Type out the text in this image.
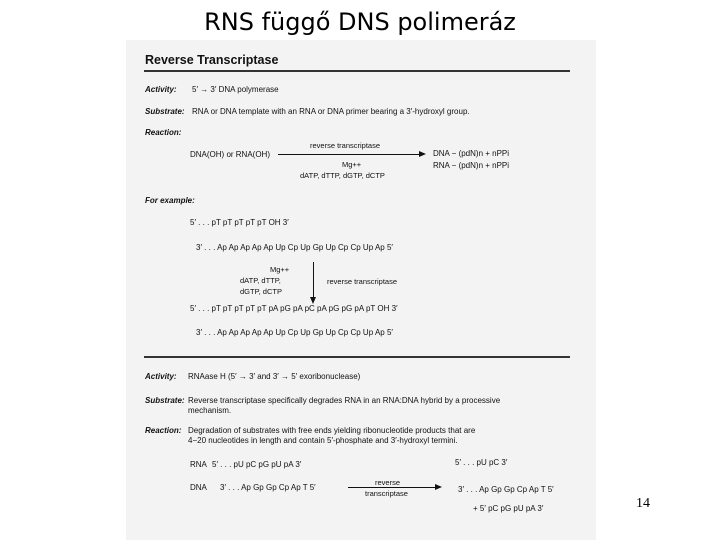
RNS függő DNS polimeráz
Reverse Transcriptase
Activity: 5′ → 3′ DNA polymerase
Substrate: RNA or DNA template with an RNA or DNA primer bearing a 3′-hydroxyl group.
Reaction:
DNA(OH) or RNA(OH)
reverse transcriptase
Mg++
dATP, dTTP, dGTP, dCTP
DNA − (pdN)n + nPPi
RNA − (pdN)n + nPPi
For example:
5′ . . . pT pT pT pT pT OH 3′
3′ . . . Ap Ap Ap Ap Ap Up Cp Up Gp Up Cp Cp Up Ap 5′
Mg++
dATP, dTTP,
dGTP, dCTP
reverse transcriptase
5′ . . . pT pT pT pT pT pA pG pA pC pA pG pG pA pT OH 3′
3′ . . . Ap Ap Ap Ap Ap Up Cp Up Gp Up Cp Cp Up Ap 5′
Activity: RNAase H (5′ → 3′ and 3′ → 5′ exoribonuclease)
Substrate: Reverse transcriptase specifically degrades RNA in an RNA:DNA hybrid by a processive
mechanism.
Reaction: Degradation of substrates with free ends yielding ribonucleotide products that are
4−20 nucleotides in length and contain 5′-phosphate and 3′-hydroxyl termini.
RNA 5′ . . . pU pC pG pU pA 3′
DNA 3′ . . . Ap Gp Gp Cp Ap T 5′
reverse
transcriptase
5′ . . . pU pC 3′
3′ . . . Ap Gp Gp Cp Ap T 5′
+ 5′ pC pG pU pA 3′	14
